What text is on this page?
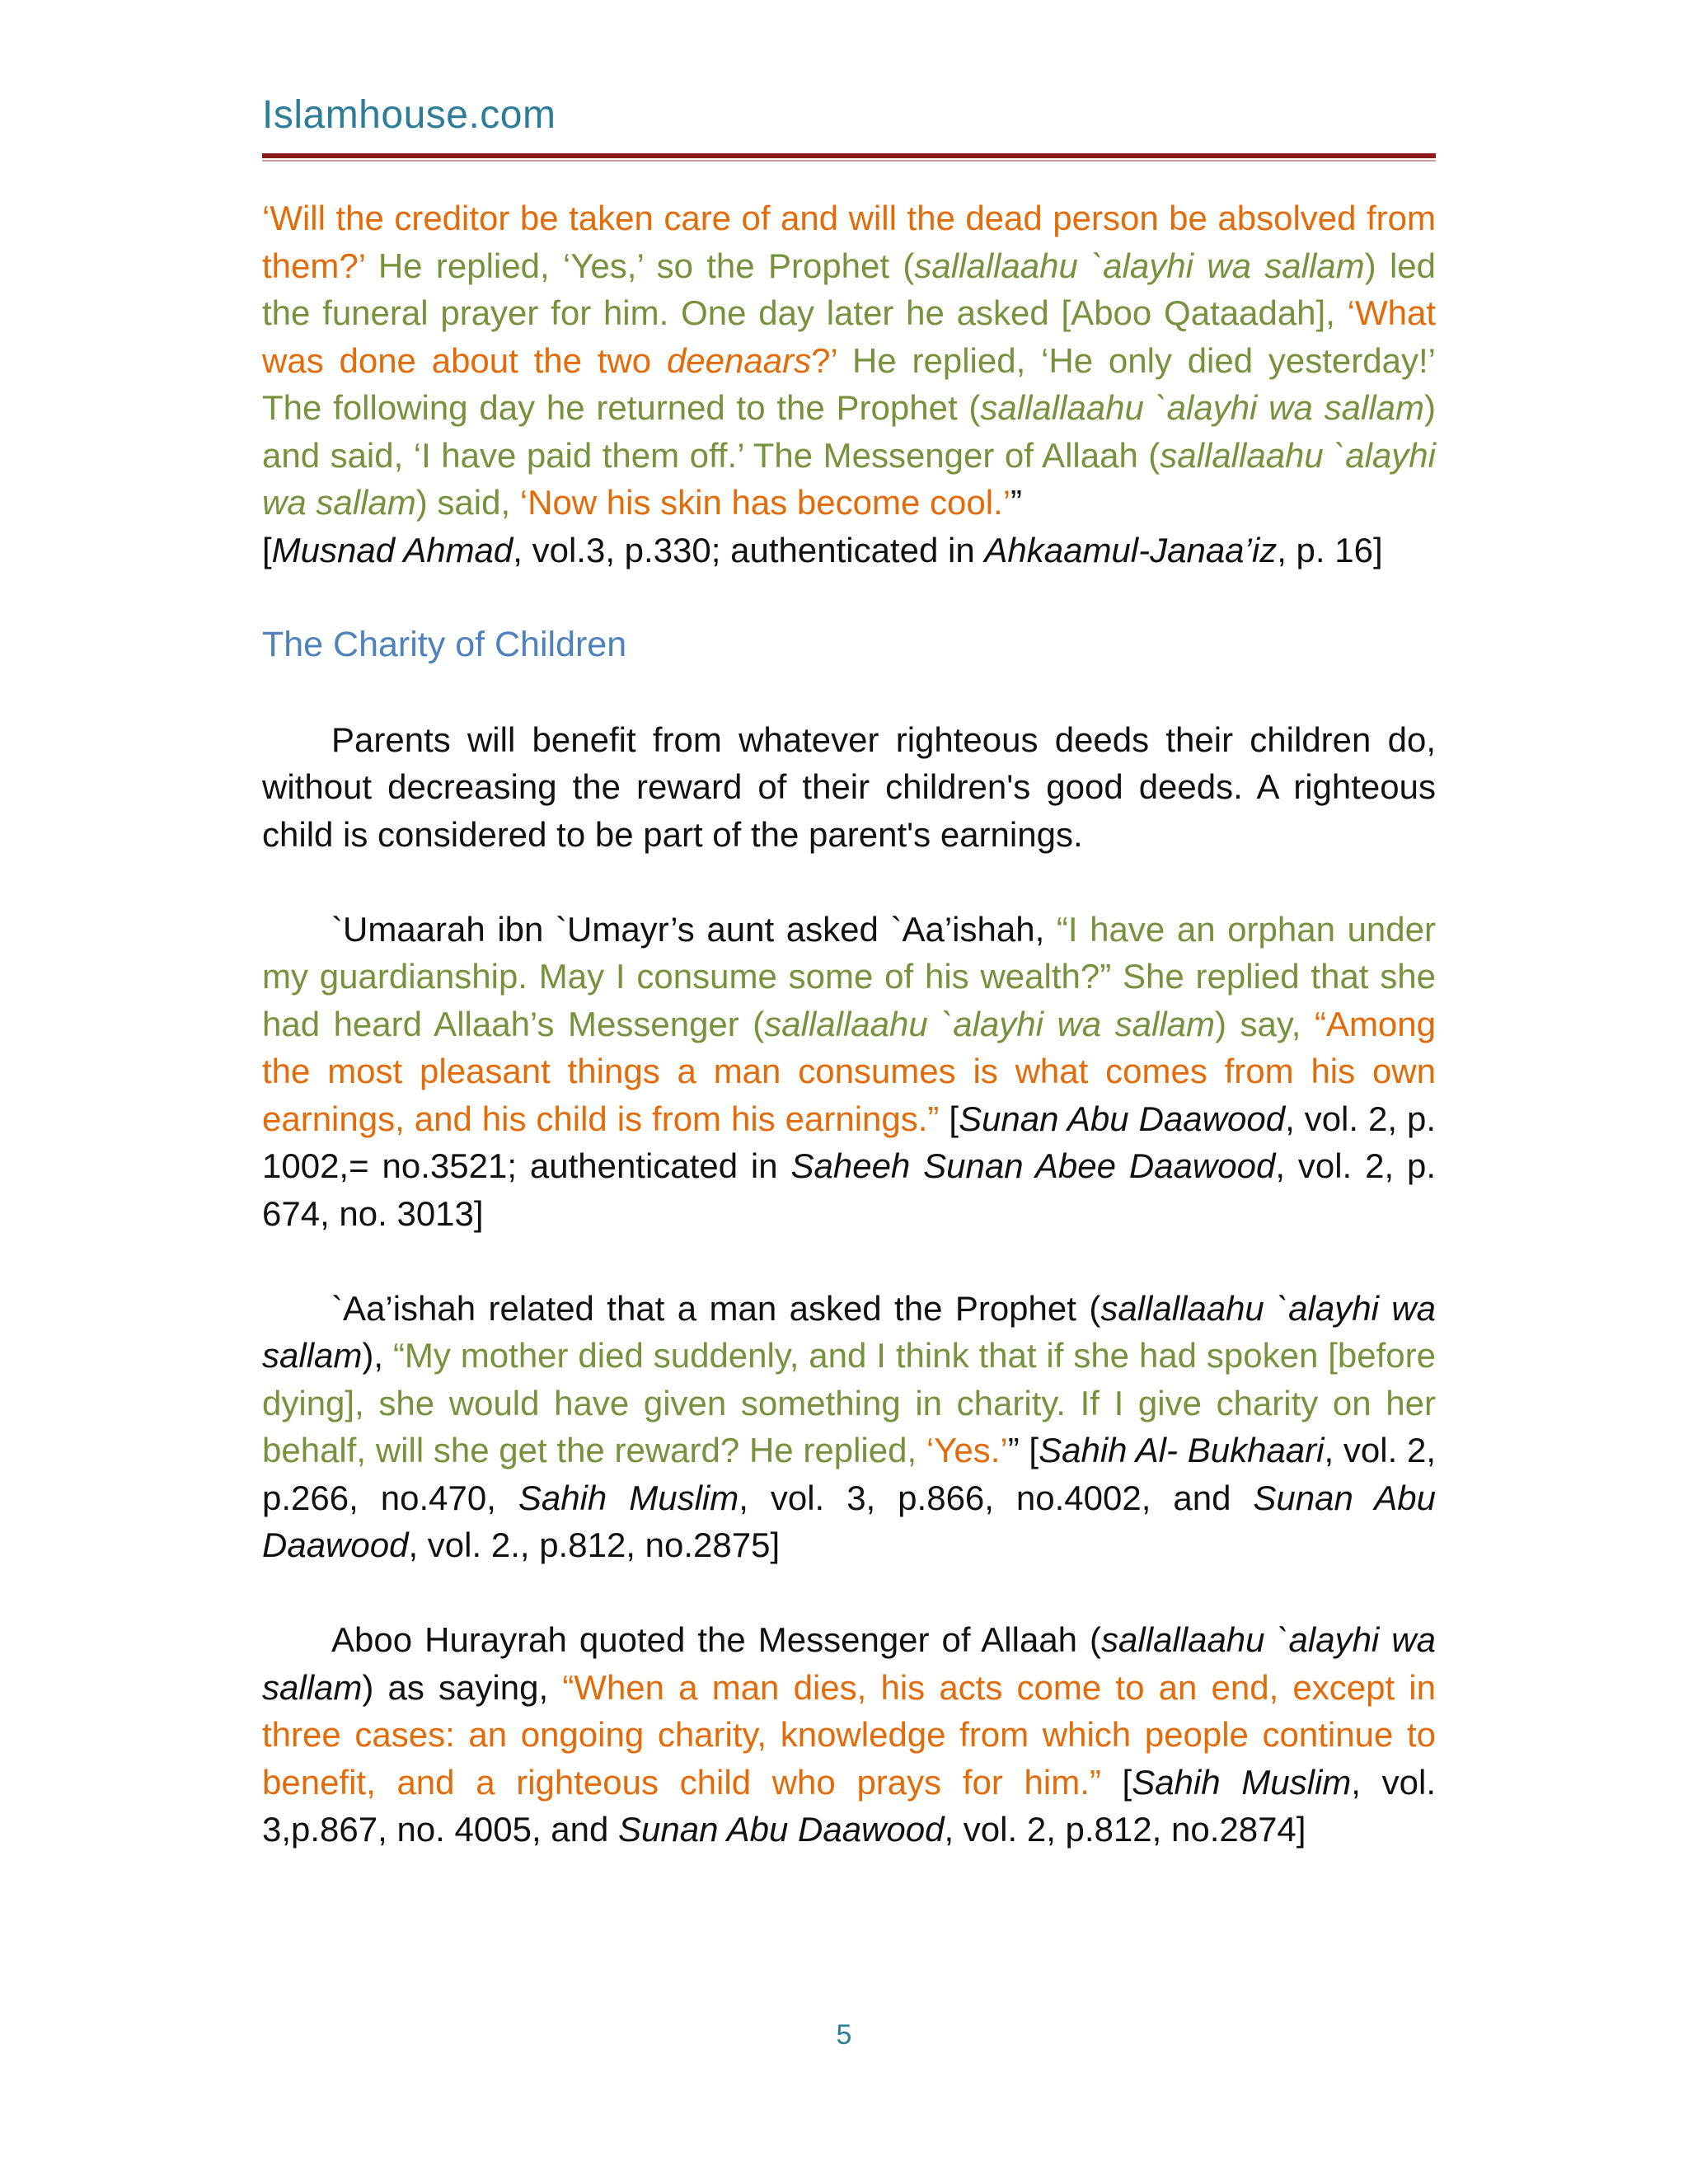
Islamhouse.com

‘Will the creditor be taken care of and will the dead person be absolved from them?’ He replied, ‘Yes,’ so the Prophet (sallallaahu `alayhi wa sallam) led the funeral prayer for him. One day later he asked [Aboo Qataadah], ‘What was done about the two deenaars?’ He replied, ‘He only died yesterday!’ The following day he returned to the Prophet (sallallaahu `alayhi wa sallam) and said, ‘I have paid them off.’ The Messenger of Allaah (sallallaahu `alayhi wa sallam) said, ‘Now his skin has become cool.’”
[Musnad Ahmad, vol.3, p.330; authenticated in Ahkaamul-Janaa’iz, p. 16]

The Charity of Children

Parents will benefit from whatever righteous deeds their children do, without decreasing the reward of their children's good deeds. A righteous child is considered to be part of the parent's earnings.

`Umaarah ibn `Umayr’s aunt asked `Aa’ishah, “I have an orphan under my guardianship. May I consume some of his wealth?” She replied that she had heard Allaah’s Messenger (sallallaahu `alayhi wa sallam) say, “Among the most pleasant things a man consumes is what comes from his own earnings, and his child is from his earnings.” [Sunan Abu Daawood, vol. 2, p. 1002,= no.3521; authenticated in Saheeh Sunan Abee Daawood, vol. 2, p. 674, no. 3013]

`Aa’ishah related that a man asked the Prophet (sallallaahu `alayhi wa sallam), “My mother died suddenly, and I think that if she had spoken [before dying], she would have given something in charity. If I give charity on her behalf, will she get the reward? He replied, ‘Yes.’” [Sahih Al- Bukhaari, vol. 2, p.266, no.470, Sahih Muslim, vol. 3, p.866, no.4002, and Sunan Abu Daawood, vol. 2., p.812, no.2875]

Aboo Hurayrah quoted the Messenger of Allaah (sallallaahu `alayhi wa sallam) as saying, “When a man dies, his acts come to an end, except in three cases: an ongoing charity, knowledge from which people continue to benefit, and a righteous child who prays for him.” [Sahih Muslim, vol. 3,p.867, no. 4005, and Sunan Abu Daawood, vol. 2, p.812, no.2874]

5
